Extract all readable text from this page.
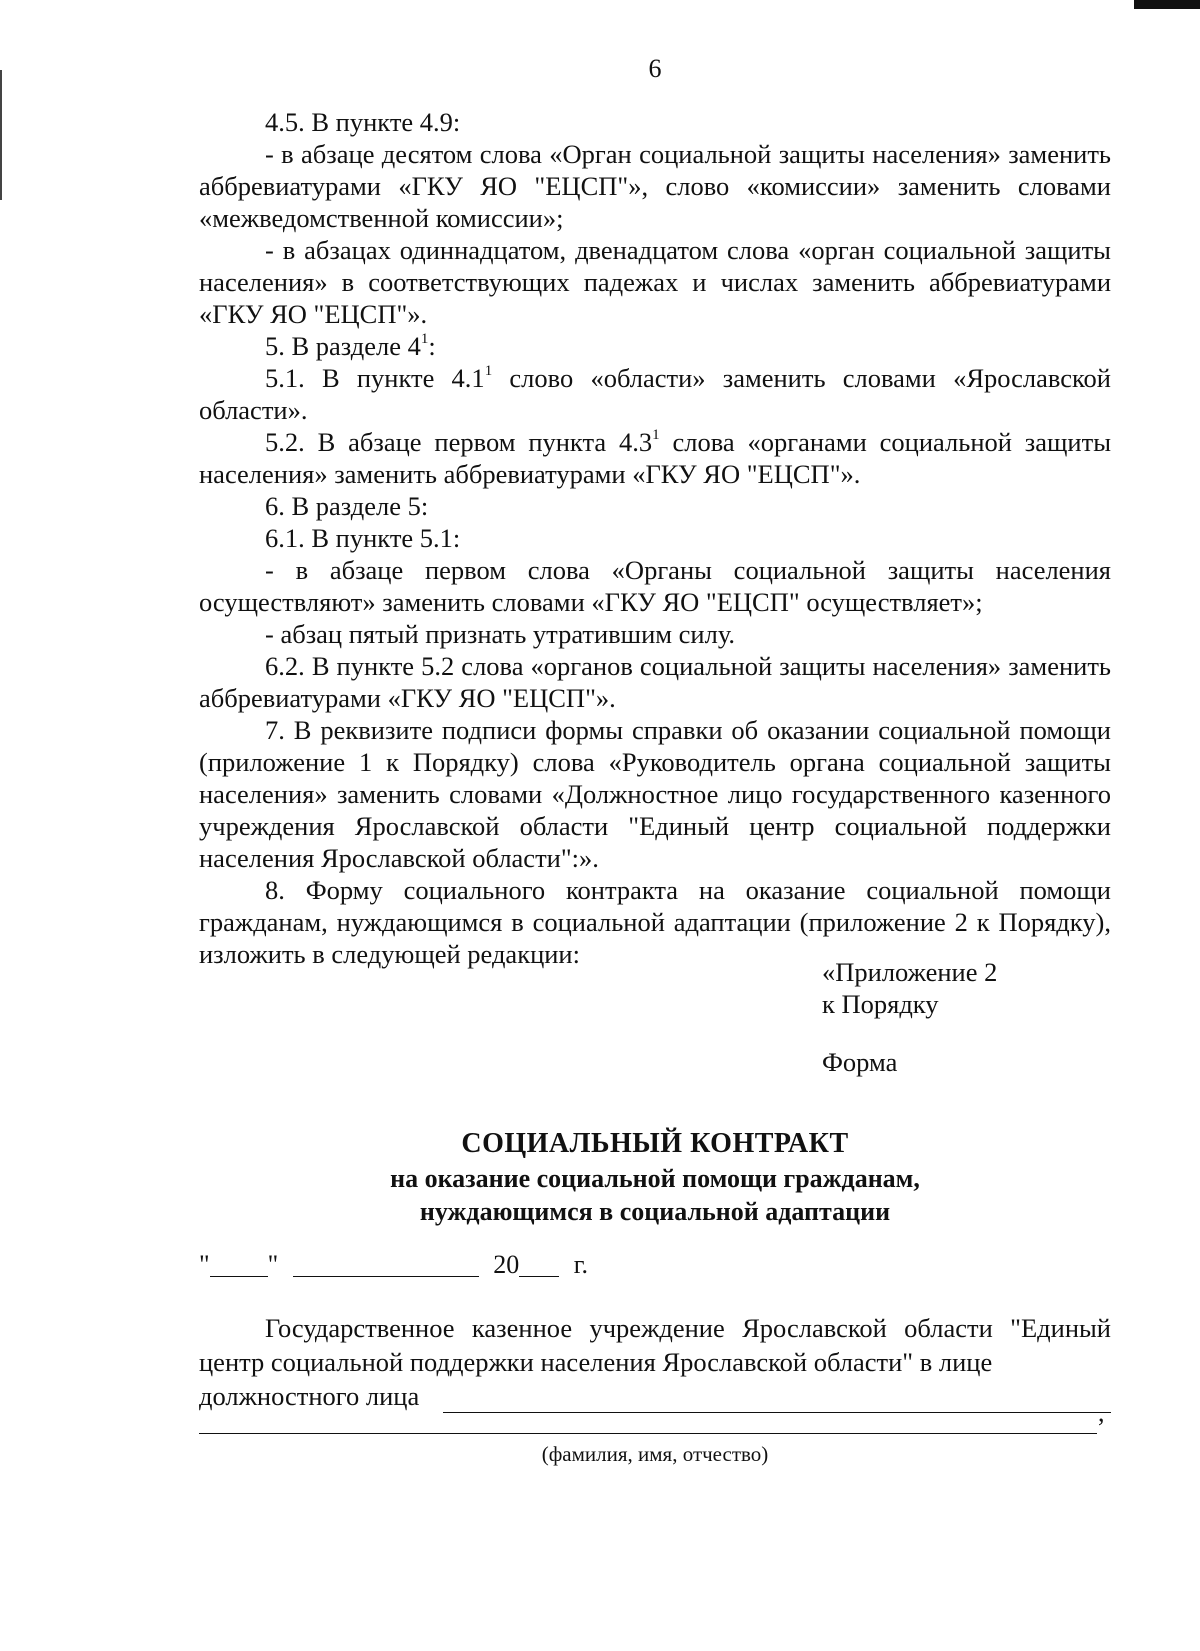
6

4.5. В пункте 4.9:

- в абзаце десятом слова «Орган социальной защиты населения» заменить аббревиатурами «ГКУ ЯО "ЕЦСП"», слово «комиссии» заменить словами «межведомственной комиссии»;

- в абзацах одиннадцатом, двенадцатом слова «орган социальной защиты населения» в соответствующих падежах и числах заменить аббревиатурами «ГКУ ЯО "ЕЦСП"».

5. В разделе $4^1$:

5.1. В пункте $4.1^1$ слово «области» заменить словами «Ярославской области».

5.2. В абзаце первом пункта $4.3^1$ слова «органами социальной защиты населения» заменить аббревиатурами «ГКУ ЯО "ЕЦСП"».

6. В разделе 5:

6.1. В пункте 5.1:

- в абзаце первом слова «Органы социальной защиты населения осуществляют» заменить словами «ГКУ ЯО "ЕЦСП" осуществляет»;

- абзац пятый признать утратившим силу.

6.2. В пункте 5.2 слова «органов социальной защиты населения» заменить аббревиатурами «ГКУ ЯО "ЕЦСП"».

7. В реквизите подписи формы справки об оказании социальной помощи (приложение 1 к Порядку) слова «Руководитель органа социальной защиты населения» заменить словами «Должностное лицо государственного казенного учреждения Ярославской области "Единый центр социальной поддержки населения Ярославской области":».

8. Форму социального контракта на оказание социальной помощи гражданам, нуждающимся в социальной адаптации (приложение 2 к Порядку), изложить в следующей редакции:

«Приложение 2
к Порядку
Форма
СОЦИАЛЬНЫЙ КОНТРАКТ
на оказание социальной помощи гражданам,
нуждающимся в социальной адаптации
" "	20 г.

Государственное казенное учреждение Ярославской области "Единый центр социальной поддержки населения Ярославской области" в лице

должностного лица
,
(фамилия, имя, отчество)
